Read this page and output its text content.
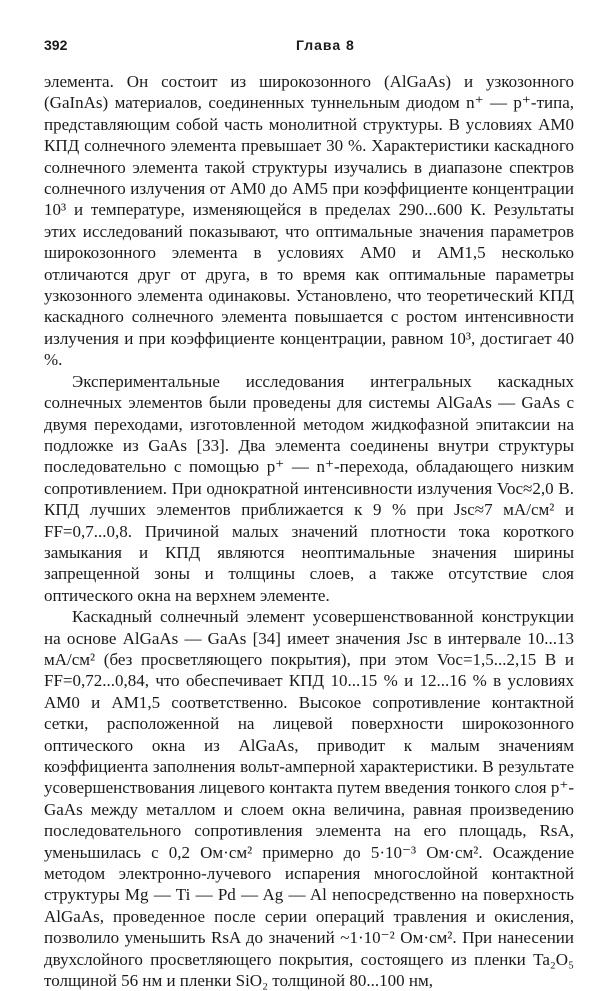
392	Глава 8

элемента. Он состоит из широкозонного (AlGaAs) и узкозонного (GaInAs) материалов, соединенных туннельным диодом n⁺ — p⁺-типа, представляющим собой часть монолитной структуры. В условиях AM0 КПД солнечного элемента превышает 30 %. Характеристики каскадного солнечного элемента такой структуры изучались в диапазоне спектров солнечного излучения от AM0 до AM5 при коэффициенте концентрации 10³ и температуре, изменяющейся в пределах 290...600 К. Результаты этих исследований показывают, что оптимальные значения параметров широкозонного элемента в условиях AM0 и AM1,5 несколько отличаются друг от друга, в то время как оптимальные параметры узкозонного элемента одинаковы. Установлено, что теоретический КПД каскадного солнечного элемента повышается с ростом интенсивности излучения и при коэффициенте концентрации, равном 10³, достигает 40 %.

Экспериментальные исследования интегральных каскадных солнечных элементов были проведены для системы AlGaAs — GaAs с двумя переходами, изготовленной методом жидкофазной эпитаксии на подложке из GaAs [33]. Два элемента соединены внутри структуры последовательно с помощью p⁺ — n⁺-перехода, обладающего низким сопротивлением. При однократной интенсивности излучения Voc≈2,0 В. КПД лучших элементов приближается к 9 % при Jsc≈7 мА/см² и FF=0,7...0,8. Причиной малых значений плотности тока короткого замыкания и КПД являются неоптимальные значения ширины запрещенной зоны и толщины слоев, а также отсутствие слоя оптического окна на верхнем элементе.

Каскадный солнечный элемент усовершенствованной конструкции на основе AlGaAs — GaAs [34] имеет значения Jsc в интервале 10...13 мА/см² (без просветляющего покрытия), при этом Voc=1,5...2,15 В и FF=0,72...0,84, что обеспечивает КПД 10...15 % и 12...16 % в условиях AM0 и AM1,5 соответственно. Высокое сопротивление контактной сетки, расположенной на лицевой поверхности широкозонного оптического окна из AlGaAs, приводит к малым значениям коэффициента заполнения вольт-амперной характеристики. В результате усовершенствования лицевого контакта путем введения тонкого слоя p⁺-GaAs между металлом и слоем окна величина, равная произведению последовательного сопротивления элемента на его площадь, RsA, уменьшилась с 0,2 Ом·см² примерно до 5·10⁻³ Ом·см². Осаждение методом электронно-лучевого испарения многослойной контактной структуры Mg — Ti — Pd — Ag — Al непосредственно на поверхность AlGaAs, проведенное после серии операций травления и окисления, позволило уменьшить RsA до значений ~1·10⁻² Ом·см². При нанесении двухслойного просветляющего покрытия, состоящего из пленки Ta₂O₅ толщиной 56 нм и пленки SiO₂ толщиной 80...100 нм,
